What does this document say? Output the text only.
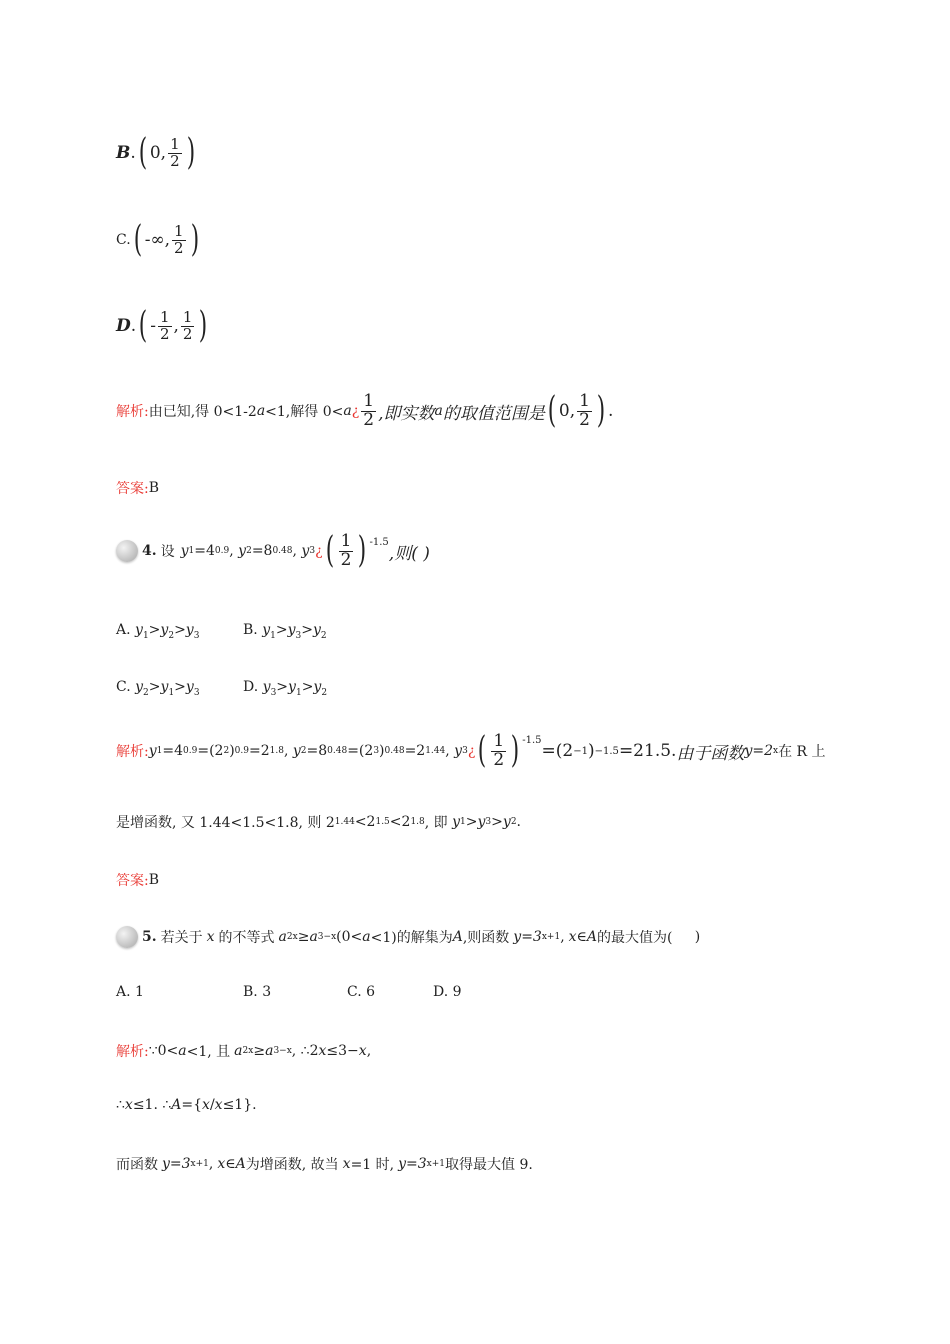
B . ( 0 , $\frac{1}{2}$ )
C. ( -∞ , $\frac{1}{2}$ )
D . ( - $\frac{1}{2}$ , $\frac{1}{2}$ )
解析: 由已知,得 0<1-2 a <1,解得 0< a ¿ $\frac{1}{2}$ ,即实数 a 的取值范围是 ( 0 , $\frac{1}{2}$ ) .
答案: B
4. 设 y 1 =4 0.9 , y 2 =8 0.48 , y 3 ¿ ( $\frac{1}{2}$ ) $^{-1.5}$
,则( )
A. $y_1>y_2>y_3$	B. $y_1>y_3>y_2$
C. $y_2>y_1>y_3$	D. $y_3>y_1>y_2$
解析: y 1 =4 0.9 =(2 2 ) 0.9 =2 1.8 , y 2 =8 0.48 =(2 3 ) 0.48 =2 1.44 , y 3 ¿ ( $\frac{1}{2}$ ) $^{-1.5}$
=(2 −1 ) −1.5 =21.5. 由于函数 y=2 x 在 R 上
是增函数, 又 1.44<1.5<1.8, 则 2 1.44 <2 1.5 <2 1.8 , 即 y 1 > y 3 > y 2 .
答案: B
5. 若关于 x 的不等式 a 2x ≥ a 3−x (0< a <1)的解集为 A ,则函数 y=3 x+1 , x ∈ A 的最大值为(
)
A. 1	B. 3	C. 6	D. 9
解析: ∵0< a <1, 且 a 2x ≥ a 3−x , ∴2 x ≤3− x ,
∴ x ≤1. ∴ A ={ x / x ≤1}.
而函数 y=3 x+1 , x ∈ A 为增函数, 故当 x =1 时, y=3 x+1 取得最大值 9.
